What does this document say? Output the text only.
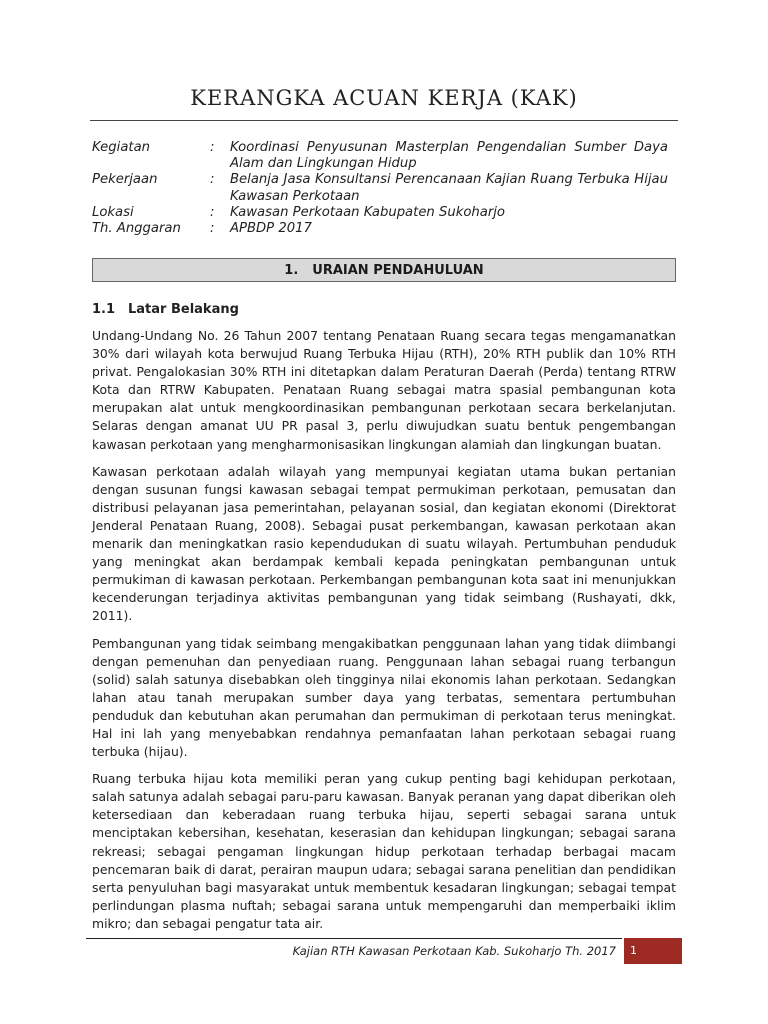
KERANGKA ACUAN KERJA (KAK)
Kegiatan	:	Koordinasi Penyusunan Masterplan Pengendalian Sumber Daya Alam dan Lingkungan Hidup
Pekerjaan	:	Belanja Jasa Konsultansi Perencanaan Kajian Ruang Terbuka Hijau Kawasan Perkotaan
Lokasi	:	Kawasan Perkotaan Kabupaten Sukoharjo
Th. Anggaran	:	APBDP 2017
1. URAIAN PENDAHULUAN
1.1 Latar Belakang

Undang-Undang No. 26 Tahun 2007 tentang Penataan Ruang secara tegas mengamanatkan 30% dari wilayah kota berwujud Ruang Terbuka Hijau (RTH), 20% RTH publik dan 10% RTH privat. Pengalokasian 30% RTH ini ditetapkan dalam Peraturan Daerah (Perda) tentang RTRW Kota dan RTRW Kabupaten. Penataan Ruang sebagai matra spasial pembangunan kota merupakan alat untuk mengkoordinasikan pembangunan perkotaan secara berkelanjutan. Selaras dengan amanat UU PR pasal 3, perlu diwujudkan suatu bentuk pengembangan kawasan perkotaan yang mengharmonisasikan lingkungan alamiah dan lingkungan buatan.

Kawasan perkotaan adalah wilayah yang mempunyai kegiatan utama bukan pertanian dengan susunan fungsi kawasan sebagai tempat permukiman perkotaan, pemusatan dan distribusi pelayanan jasa pemerintahan, pelayanan sosial, dan kegiatan ekonomi (Direktorat Jenderal Penataan Ruang, 2008). Sebagai pusat perkembangan, kawasan perkotaan akan menarik dan meningkatkan rasio kependudukan di suatu wilayah. Pertumbuhan penduduk yang meningkat akan berdampak kembali kepada peningkatan pembangunan untuk permukiman di kawasan perkotaan. Perkembangan pembangunan kota saat ini menunjukkan kecenderungan terjadinya aktivitas pembangunan yang tidak seimbang (Rushayati, dkk, 2011).

Pembangunan yang tidak seimbang mengakibatkan penggunaan lahan yang tidak diimbangi dengan pemenuhan dan penyediaan ruang. Penggunaan lahan sebagai ruang terbangun (solid) salah satunya disebabkan oleh tingginya nilai ekonomis lahan perkotaan. Sedangkan lahan atau tanah merupakan sumber daya yang terbatas, sementara pertumbuhan penduduk dan kebutuhan akan perumahan dan permukiman di perkotaan terus meningkat. Hal ini lah yang menyebabkan rendahnya pemanfaatan lahan perkotaan sebagai ruang terbuka (hijau).

Ruang terbuka hijau kota memiliki peran yang cukup penting bagi kehidupan perkotaan, salah satunya adalah sebagai paru-paru kawasan. Banyak peranan yang dapat diberikan oleh ketersediaan dan keberadaan ruang terbuka hijau, seperti sebagai sarana untuk menciptakan kebersihan, kesehatan, keserasian dan kehidupan lingkungan; sebagai sarana rekreasi; sebagai pengaman lingkungan hidup perkotaan terhadap berbagai macam pencemaran baik di darat, perairan maupun udara; sebagai sarana penelitian dan pendidikan serta penyuluhan bagi masyarakat untuk membentuk kesadaran lingkungan; sebagai tempat perlindungan plasma nuftah; sebagai sarana untuk mempengaruhi dan memperbaiki iklim mikro; dan sebagai pengatur tata air.

Kajian RTH Kawasan Perkotaan Kab. Sukoharjo Th. 2017	1
